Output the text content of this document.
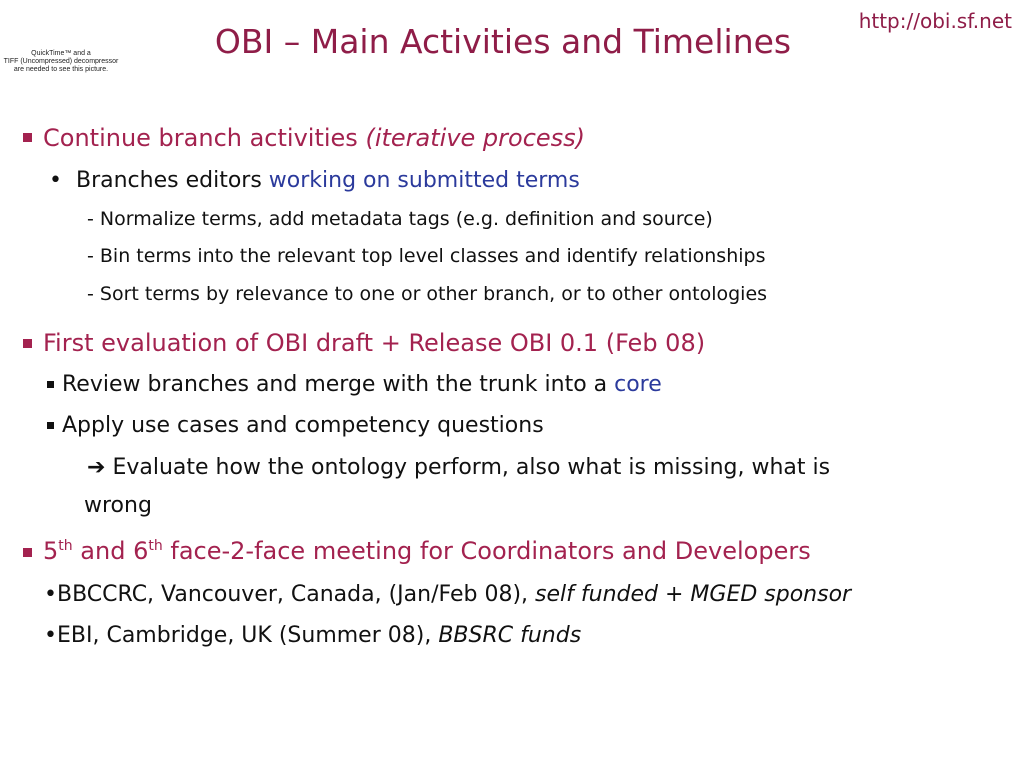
QuickTime™ and a
TIFF (Uncompressed) decompressor
are needed to see this picture.
http://obi.sf.net
OBI – Main Activities and Timelines
Continue branch activities (iterative process)
• Branches editors working on submitted terms
- Normalize terms, add metadata tags (e.g. definition and source)
- Bin terms into the relevant top level classes and identify relationships
- Sort terms by relevance to one or other branch, or to other ontologies
First evaluation of OBI draft + Release OBI 0.1 (Feb 08)
Review branches and merge with the trunk into a core
Apply use cases and competency questions
➔ Evaluate how the ontology perform, also what is missing, what is
wrong
5th and 6th face-2-face meeting for Coordinators and Developers
•BBCCRC, Vancouver, Canada, (Jan/Feb 08), self funded + MGED sponsor
•EBI, Cambridge, UK (Summer 08), BBSRC funds
